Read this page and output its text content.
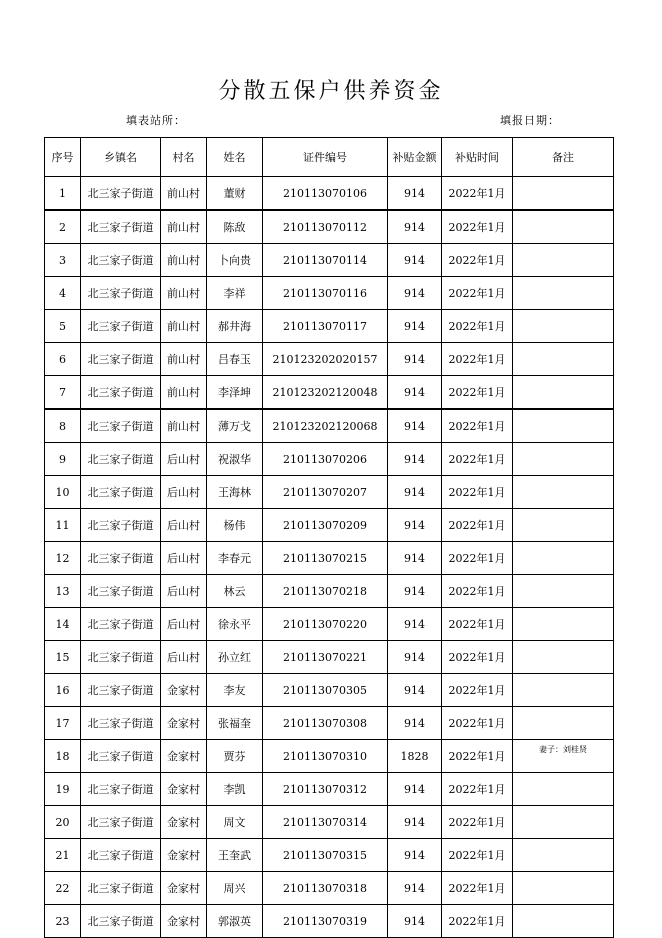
分散五保户供养资金
填表站所：	填报日期：
序号	乡镇名	村名	姓名	证件编号	补贴金额	补贴时间	备注
1	北三家子街道	前山村	董财	210113070106	914	2022年1月	
2	北三家子街道	前山村	陈敌	210113070112	914	2022年1月	
3	北三家子街道	前山村	卜向贵	210113070114	914	2022年1月	
4	北三家子街道	前山村	李祥	210113070116	914	2022年1月	
5	北三家子街道	前山村	郝井海	210113070117	914	2022年1月	
6	北三家子街道	前山村	吕春玉	210123202020157	914	2022年1月	
7	北三家子街道	前山村	李泽坤	210123202120048	914	2022年1月	
8	北三家子街道	前山村	薄万戈	210123202120068	914	2022年1月	
9	北三家子街道	后山村	祝淑华	210113070206	914	2022年1月	
10	北三家子街道	后山村	王海林	210113070207	914	2022年1月	
11	北三家子街道	后山村	杨伟	210113070209	914	2022年1月	
12	北三家子街道	后山村	李春元	210113070215	914	2022年1月	
13	北三家子街道	后山村	林云	210113070218	914	2022年1月	
14	北三家子街道	后山村	徐永平	210113070220	914	2022年1月	
15	北三家子街道	后山村	孙立红	210113070221	914	2022年1月	
16	北三家子街道	金家村	李友	210113070305	914	2022年1月	
17	北三家子街道	金家村	张福奎	210113070308	914	2022年1月	
18	北三家子街道	金家村	贾芬	210113070310	1828	2022年1月	妻子：刘桂贤
19	北三家子街道	金家村	李凯	210113070312	914	2022年1月	
20	北三家子街道	金家村	周文	210113070314	914	2022年1月	
21	北三家子街道	金家村	王奎武	210113070315	914	2022年1月	
22	北三家子街道	金家村	周兴	210113070318	914	2022年1月	
23	北三家子街道	金家村	郭淑英	210113070319	914	2022年1月	
